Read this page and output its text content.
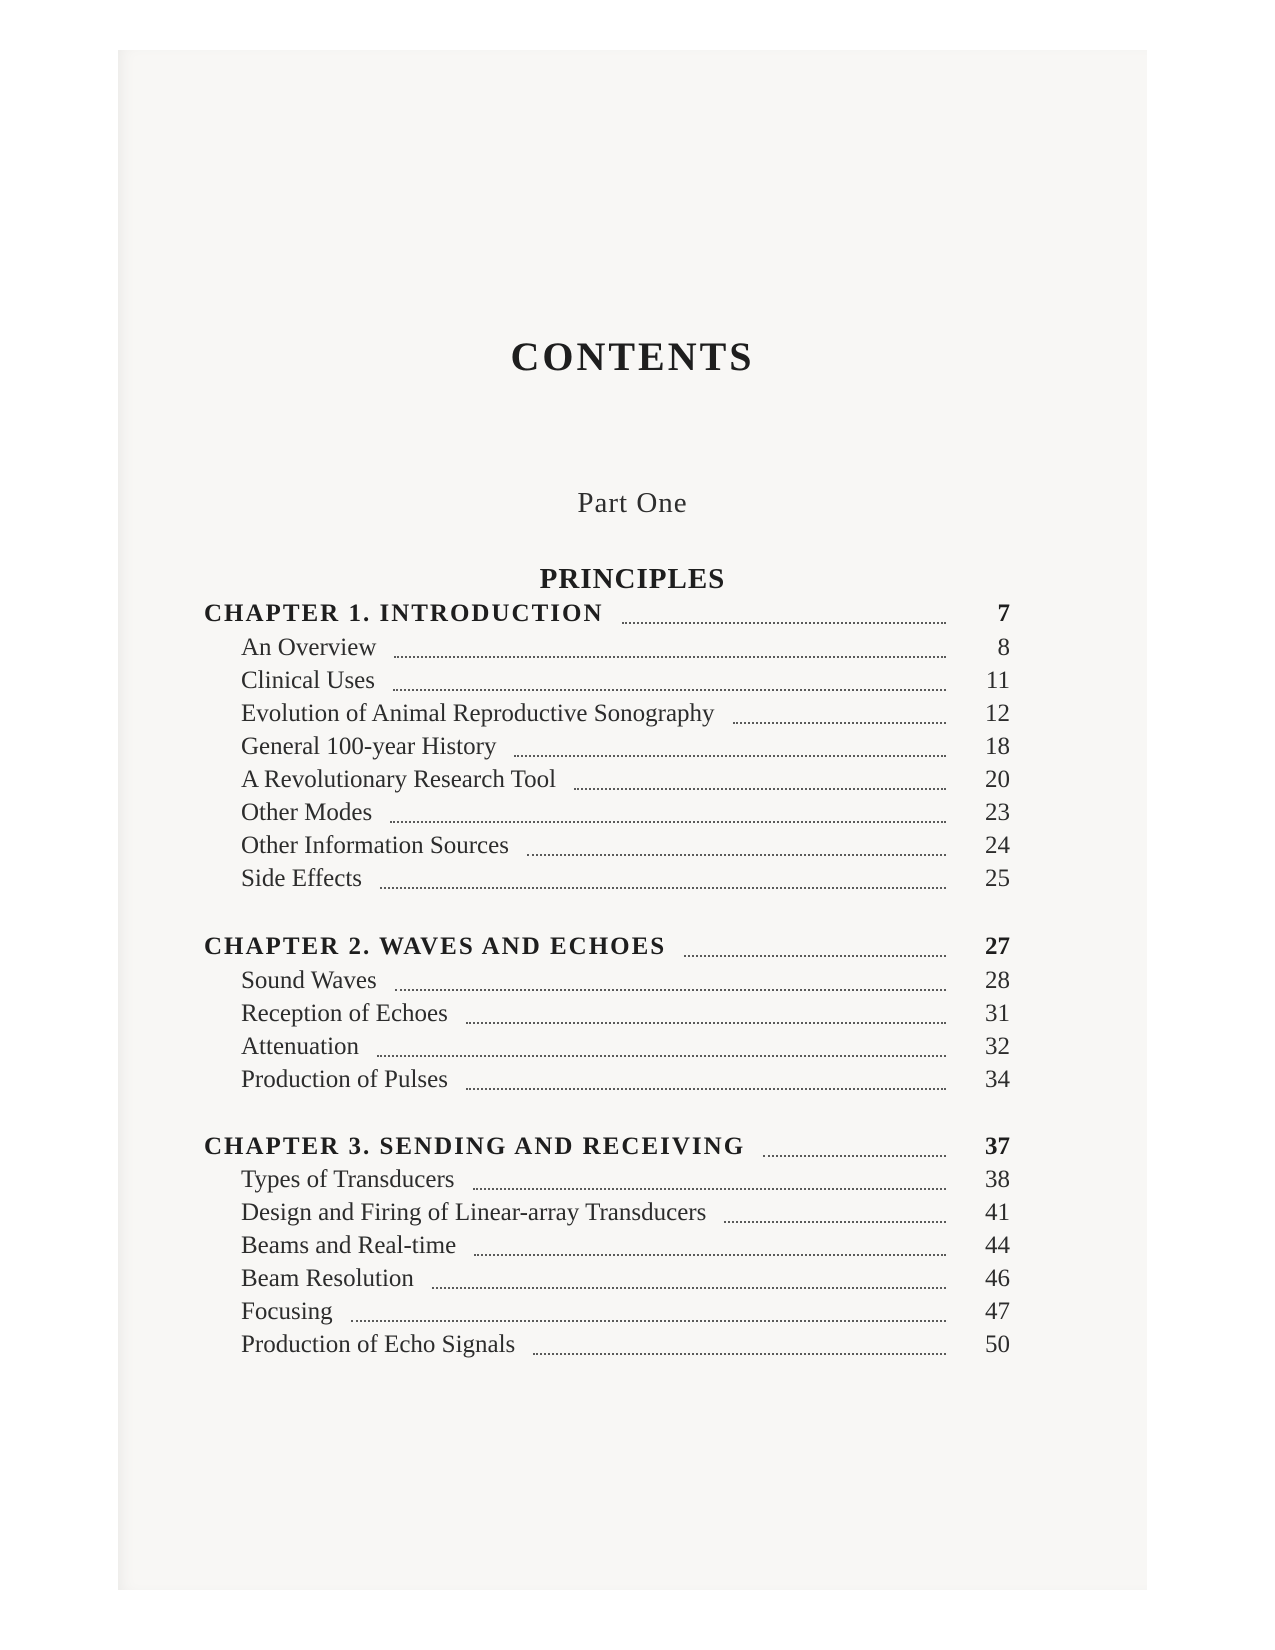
CONTENTS
Part One
PRINCIPLES
CHAPTER 1. INTRODUCTION	7
An Overview	8
Clinical Uses	11
Evolution of Animal Reproductive Sonography	12
General 100-year History	18
A Revolutionary Research Tool	20
Other Modes	23
Other Information Sources	24
Side Effects	25
CHAPTER 2. WAVES AND ECHOES	27
Sound Waves	28
Reception of Echoes	31
Attenuation	32
Production of Pulses	34
CHAPTER 3. SENDING AND RECEIVING	37
Types of Transducers	38
Design and Firing of Linear-array Transducers	41
Beams and Real-time	44
Beam Resolution	46
Focusing	47
Production of Echo Signals	50
